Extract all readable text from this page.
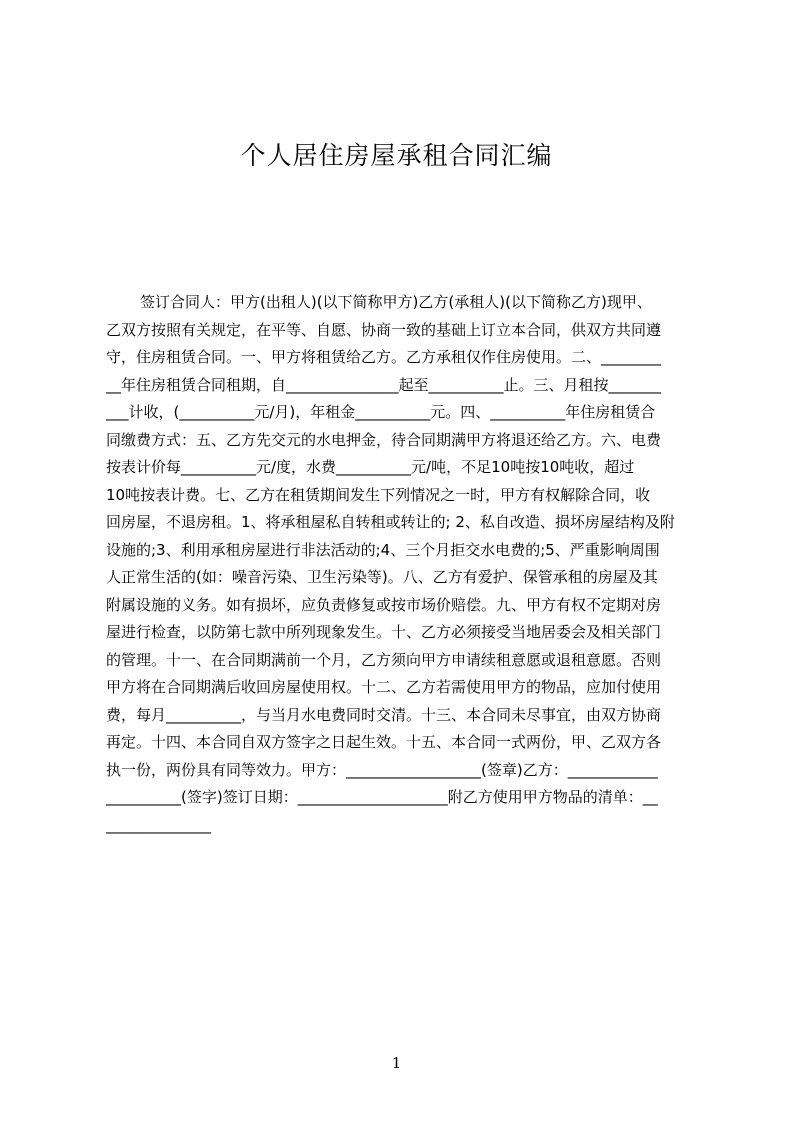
个人居住房屋承租合同汇编
签订合同人：甲方(出租人)(以下简称甲方)乙方(承租人)(以下简称乙方)现甲、
乙双方按照有关规定，在平等、自愿、协商一致的基础上订立本合同，供双方共同遵
守，住房租赁合同。一、甲方将租赁给乙方。乙方承租仅作住房使用。二、________
__年住房租赁合同租期，自_______________起至__________止。三、月租按_______
___计收，(__________元/月)，年租金__________元。四、__________年住房租赁合
同缴费方式：五、乙方先交元的水电押金，待合同期满甲方将退还给乙方。六、电费
按表计价每__________元/度，水费__________元/吨，不足10吨按10吨收，超过
10吨按表计费。七、乙方在租赁期间发生下列情况之一时，甲方有权解除合同，收
回房屋，不退房租。1、将承租屋私自转租或转让的; 2、私自改造、损坏房屋结构及附
设施的;3、利用承租房屋进行非法活动的;4、三个月拒交水电费的;5、严重影响周围
人正常生活的(如：噪音污染、卫生污染等)。八、乙方有爱护、保管承租的房屋及其
附属设施的义务。如有损坏，应负责修复或按市场价赔偿。九、甲方有权不定期对房
屋进行检查，以防第七款中所列现象发生。十、乙方必须接受当地居委会及相关部门
的管理。十一、在合同期满前一个月，乙方须向甲方申请续租意愿或退租意愿。否则
甲方将在合同期满后收回房屋使用权。十二、乙方若需使用甲方的物品，应加付使用
费，每月__________，与当月水电费同时交清。十三、本合同未尽事宜，由双方协商
再定。十四、本合同自双方签字之日起生效。十五、本合同一式两份，甲、乙双方各
执一份，两份具有同等效力。甲方：__________________(签章)乙方：____________
__________(签字)签订日期：____________________附乙方使用甲方物品的清单：__
______________
1
